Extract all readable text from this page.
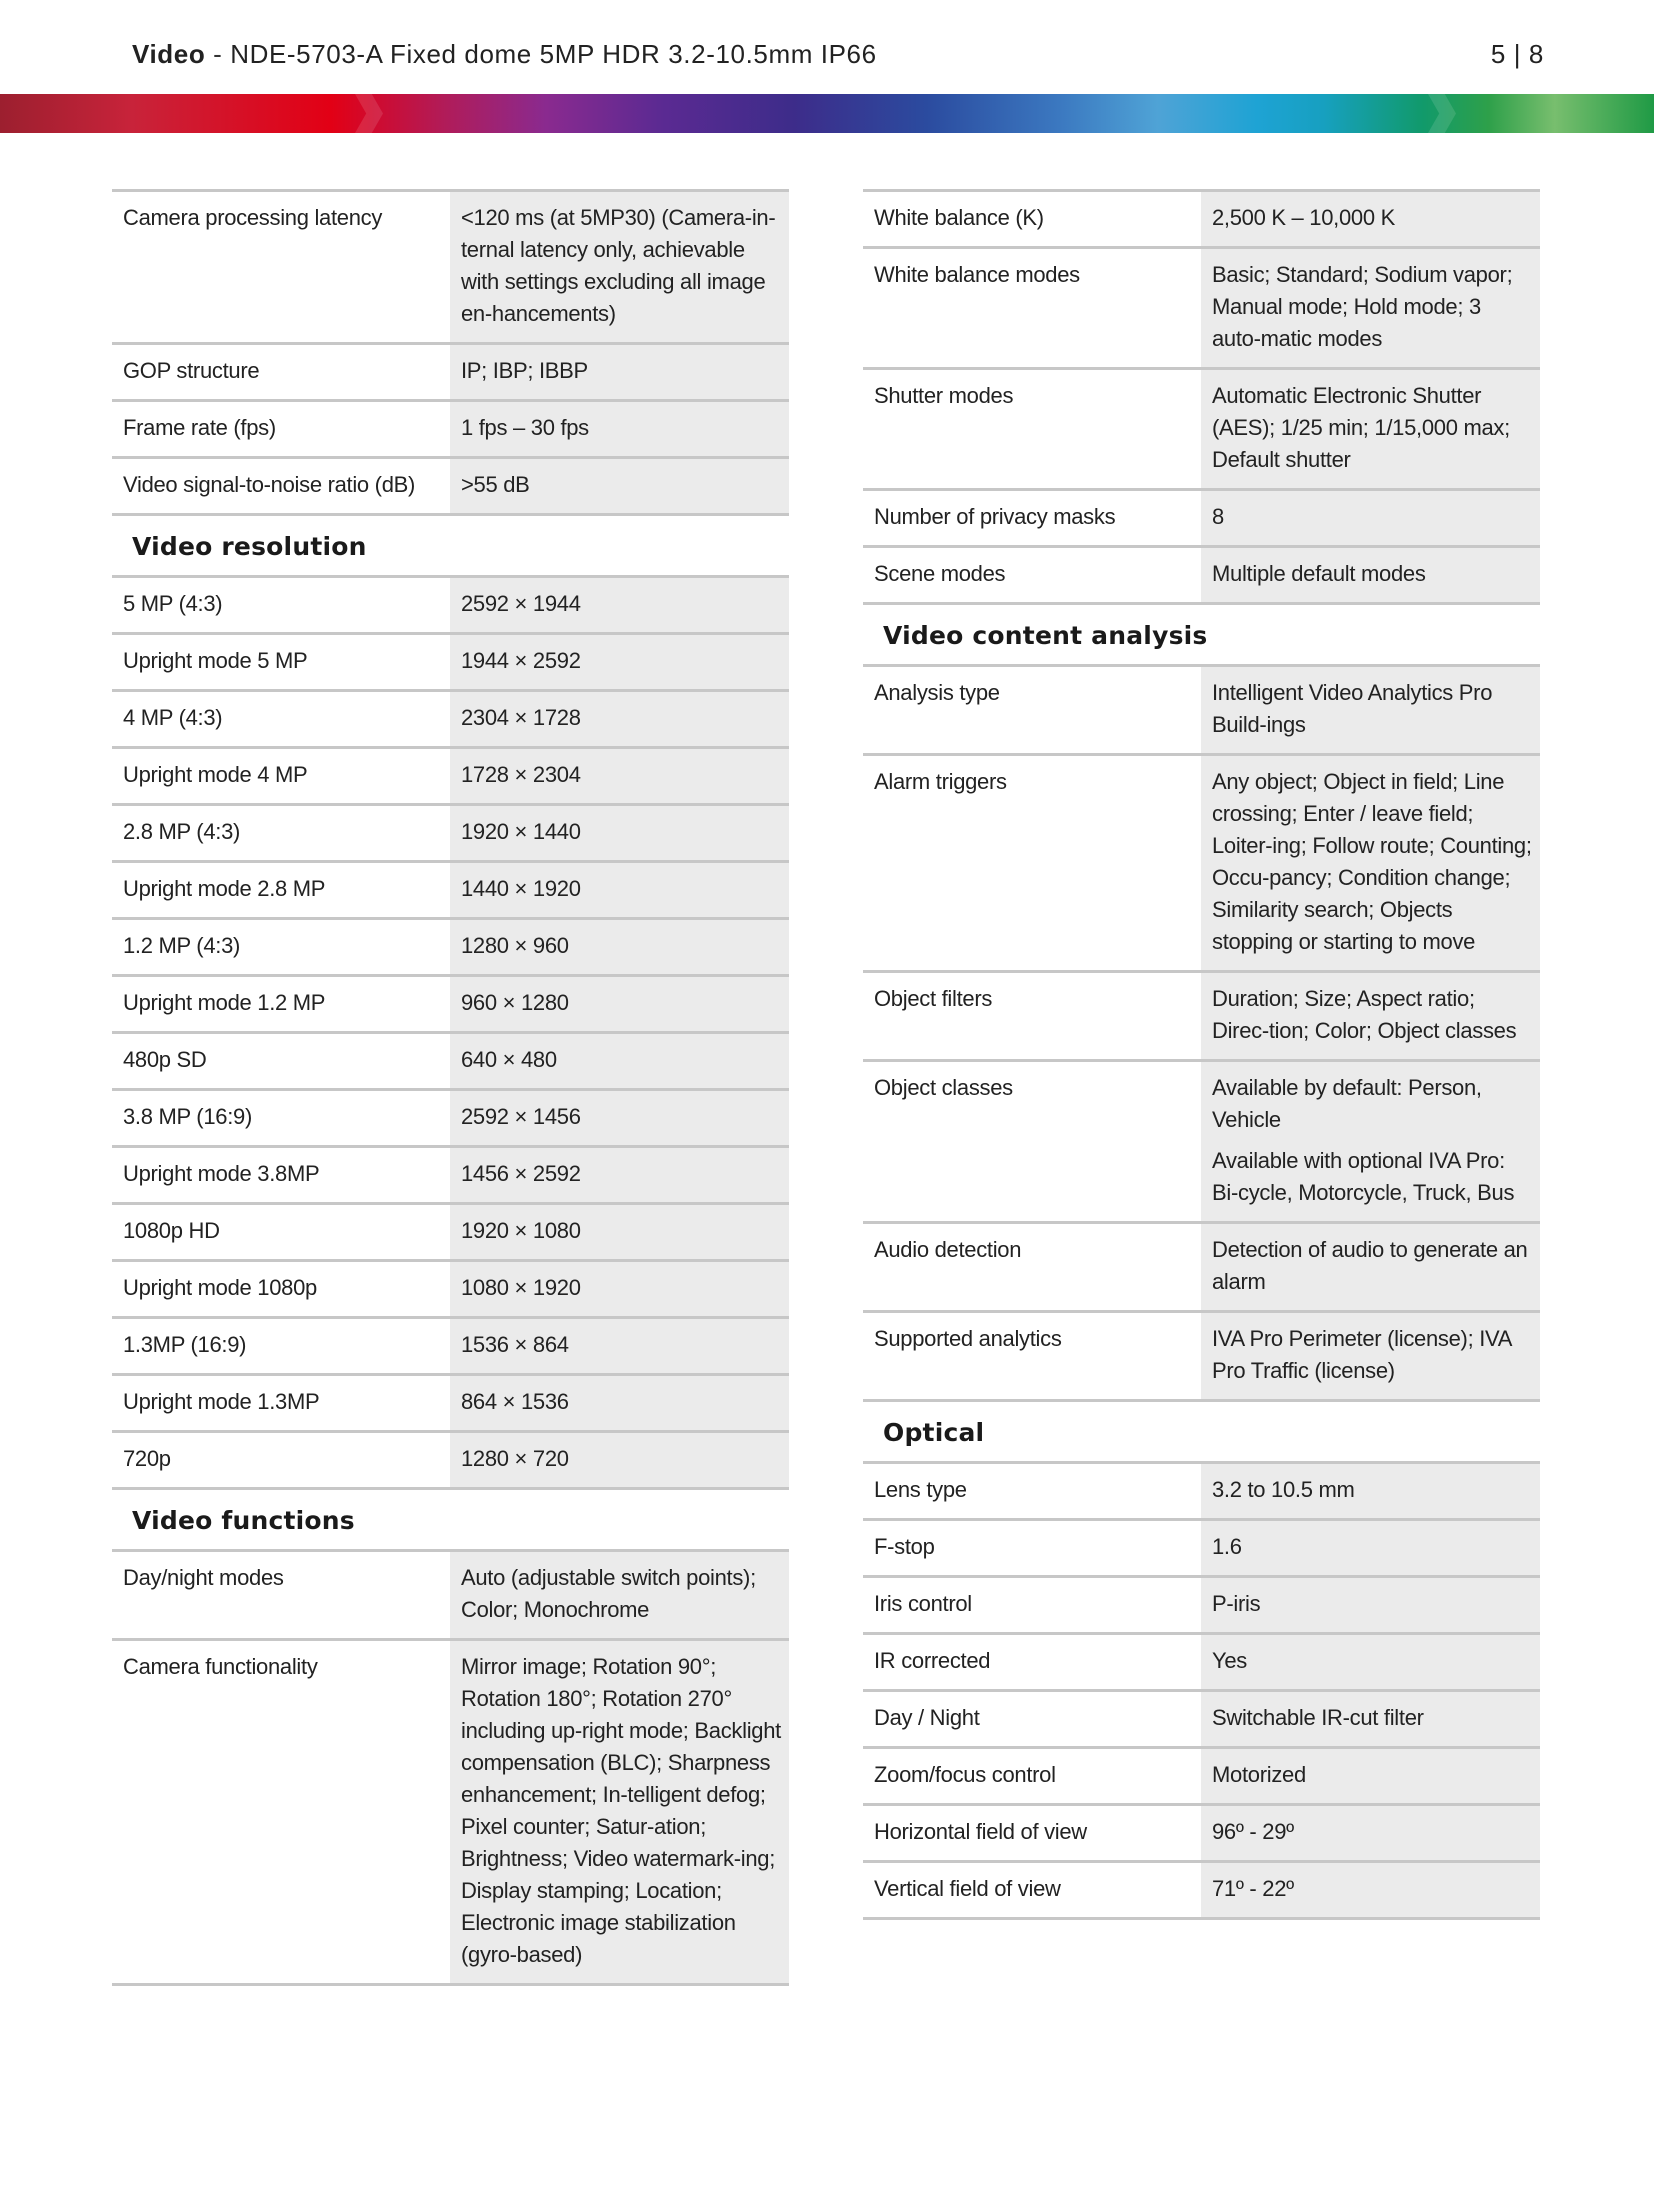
Video - NDE-5703-A Fixed dome 5MP HDR 3.2-10.5mm IP66	5 | 8
Camera processing latency	<120 ms (at 5MP30) (Camera-in-ternal latency only, achievable with settings excluding all image en-hancements)
GOP structure	IP; IBP; IBBP
Frame rate (fps)	1 fps – 30 fps
Video signal-to-noise ratio (dB)	>55 dB
Video resolution
5 MP (4:3)	2592 × 1944
Upright mode 5 MP	1944 × 2592
4 MP (4:3)	2304 × 1728
Upright mode 4 MP	1728 × 2304
2.8 MP (4:3)	1920 × 1440
Upright mode 2.8 MP	1440 × 1920
1.2 MP (4:3)	1280 × 960
Upright mode 1.2 MP	960 × 1280
480p SD	640 × 480
3.8 MP (16:9)	2592 × 1456
Upright mode 3.8MP	1456 × 2592
1080p HD	1920 × 1080
Upright mode 1080p	1080 × 1920
1.3MP (16:9)	1536 × 864
Upright mode 1.3MP	864 × 1536
720p	1280 × 720
Video functions
Day/night modes	Auto (adjustable switch points); Color; Monochrome
Camera functionality	Mirror image; Rotation 90°; Rotation 180°; Rotation 270° including up-right mode; Backlight compensation (BLC); Sharpness enhancement; In-telligent defog; Pixel counter; Satur-ation; Brightness; Video watermark-ing; Display stamping; Location; Electronic image stabilization (gyro-based)
White balance (K)	2,500 K – 10,000 K
White balance modes	Basic; Standard; Sodium vapor; Manual mode; Hold mode; 3 auto-matic modes
Shutter modes	Automatic Electronic Shutter (AES); 1/25 min; 1/15,000 max; Default shutter
Number of privacy masks	8
Scene modes	Multiple default modes
Video content analysis
Analysis type	Intelligent Video Analytics Pro Build-ings
Alarm triggers	Any object; Object in field; Line crossing; Enter / leave field; Loiter-ing; Follow route; Counting; Occu-pancy; Condition change; Similarity search; Objects stopping or starting to move
Object filters	Duration; Size; Aspect ratio; Direc-tion; Color; Object classes
Object classes	Available by default: Person, Vehicle

Available with optional IVA Pro: Bi-cycle, Motorcycle, Truck, Bus

Audio detection	Detection of audio to generate an alarm
Supported analytics	IVA Pro Perimeter (license); IVA Pro Traffic (license)
Optical
Lens type	3.2 to 10.5 mm
F-stop	1.6
Iris control	P-iris
IR corrected	Yes
Day / Night	Switchable IR-cut filter
Zoom/focus control	Motorized
Horizontal field of view	96º - 29º
Vertical field of view	71º - 22º
